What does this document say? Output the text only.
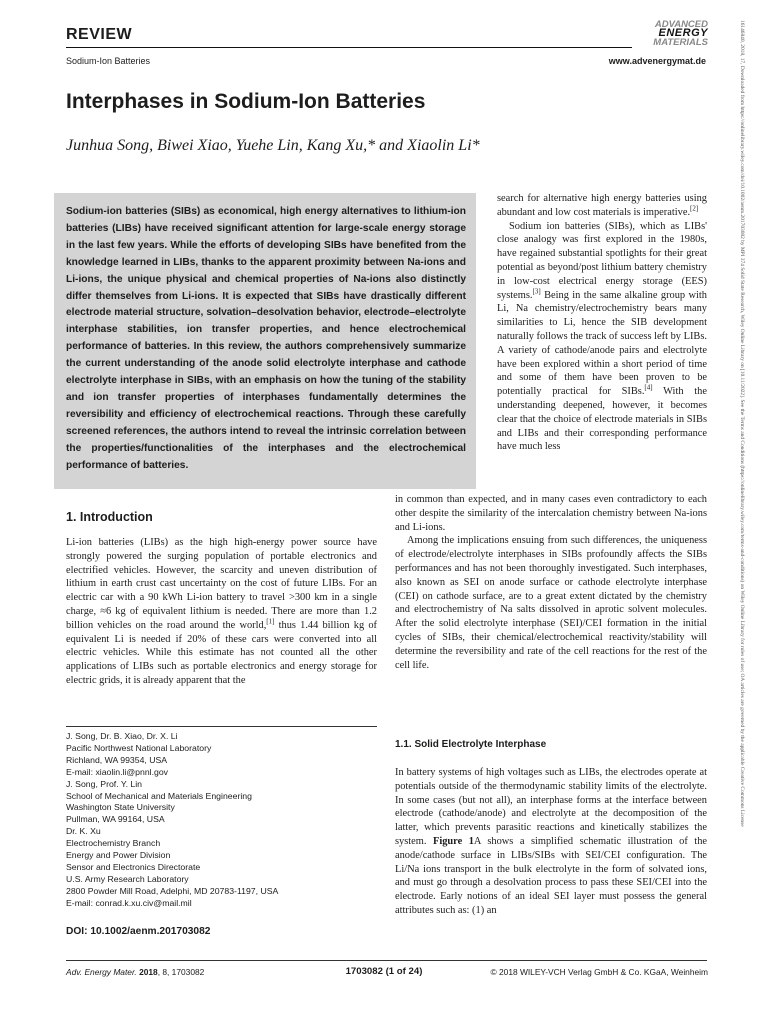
REVIEW
Sodium-Ion Batteries
ADVANCED
ENERGY
MATERIALS
www.advenergymat.de
Interphases in Sodium-Ion Batteries
Junhua Song, Biwei Xiao, Yuehe Lin, Kang Xu,* and Xiaolin Li*
Sodium-ion batteries (SIBs) as economical, high energy alternatives to lithium-ion batteries (LIBs) have received significant attention for large-scale energy storage in the last few years. While the efforts of developing SIBs have benefited from the knowledge learned in LIBs, thanks to the apparent proximity between Na-ions and Li-ions, the unique physical and chemical properties of Na-ions also distinctly differ themselves from Li-ions. It is expected that SIBs have drastically different electrode material structure, solvation–desolvation behavior, electrode–electrolyte interphase stabilities, ion transfer properties, and hence electrochemical performance of batteries. In this review, the authors comprehensively summarize the current understanding of the anode solid electrolyte interphase and cathode electrolyte interphase in SIBs, with an emphasis on how the tuning of the stability and ion transfer properties of interphases fundamentally determines the reversibility and efficiency of electrochemical reactions. Through these carefully screened references, the authors intend to reveal the intrinsic correlation between the properties/functionalities of the interphases and the electrochemical performance of batteries.

search for alternative high energy batteries using abundant and low cost materials is imperative.[2]

Sodium ion batteries (SIBs), which as LIBs' close analogy was first explored in the 1980s, have regained substantial spotlights for their great potential as beyond/post lithium battery chemistry in low-cost electrical energy storage (EES) systems.[3] Being in the same alkaline group with Li, Na chemistry/electrochemistry bears many similarities to Li, hence the SIB development naturally follows the track of success left by LIBs. A variety of cathode/anode pairs and electrolyte have been explored within a short period of time and some of them have been proven to be potentially practical for SIBs.[4] With the understanding deepened, however, it becomes clear that the choice of electrode materials in SIBs and LIBs and their corresponding performance have much less

in common than expected, and in many cases even contradictory to each other despite the similarity of the intercalation chemistry between Na-ions and Li-ions.

Among the implications ensuing from such differences, the uniqueness of electrode/electrolyte interphases in SIBs profoundly affects the SIBs performances and has not been thoroughly investigated. Such interphases, also known as SEI on anode surface or cathode electrolyte interphase (CEI) on cathode surface, are to a great extent dictated by the chemistry and electrochemistry of Na salts dissolved in aprotic solvent molecules. After the solid electrolyte interphase (SEI)/CEI formation in the initial cycles of SIBs, their chemical/electrochemical reactivity/stability will determine the reversibility and rate of the cell reactions for the rest of the cell life.

1. Introduction

Li-ion batteries (LIBs) as the high high-energy power source have strongly powered the surging population of portable electronics and electrified vehicles. However, the scarcity and uneven distribution of lithium in earth crust cast uncertainty on the cost of future LIBs. For an electric car with a 90 kWh Li-ion battery to travel >300 km in a single charge, ≈6 kg of equivalent lithium is needed. There are more than 1.2 billion vehicles on the road around the world,[1] thus 1.44 billion kg of equivalent Li is needed if 20% of these cars were converted into all electric vehicles. While this estimate has not counted all the other applications of LIBs such as portable electronics and energy storage for electric grids, it is already apparent that the

J. Song, Dr. B. Xiao, Dr. X. Li
Pacific Northwest National Laboratory
Richland, WA 99354, USA
E-mail: xiaolin.li@pnnl.gov
J. Song, Prof. Y. Lin
School of Mechanical and Materials Engineering
Washington State University
Pullman, WA 99164, USA
Dr. K. Xu
Electrochemistry Branch
Energy and Power Division
Sensor and Electronics Directorate
U.S. Army Research Laboratory
2800 Powder Mill Road, Adelphi, MD 20783-1197, USA
E-mail: conrad.k.xu.civ@mail.mil
DOI: 10.1002/aenm.201703082
1.1. Solid Electrolyte Interphase

In battery systems of high voltages such as LIBs, the electrodes operate at potentials outside of the thermodynamic stability limits of the electrolyte. In some cases (but not all), an interphase forms at the interface between electrode (cathode/anode) and electrolyte at the decomposition of the latter, which prevents parasitic reactions and kinetically stabilizes the system. Figure 1A shows a simplified schematic illustration of the anode/cathode surface in LIBs/SIBs with SEI/CEI configuration. The Li/Na ions transport in the bulk electrolyte in the form of solvated ions, and must go through a desolvation process to pass these SEI/CEI into the electrode. Early notions of an ideal SEI layer must possess the general attributes such as: (1) an

Adv. Energy Mater. 2018, 8, 1703082	1703082 (1 of 24)	© 2018 WILEY-VCH Verlag GmbH & Co. KGaA, Weinheim
16146840, 2018, 17, Downloaded from https://onlinelibrary.wiley.com/doi/10.1002/aenm.201703082 by MPI 374 Solid State Research, Wiley Online Library on [10.11/2022]. See the Terms and Conditions (https://onlinelibrary.wiley.com/terms-and-conditions) on Wiley Online Library for rules of use; OA articles are governed by the applicable Creative Commons License
